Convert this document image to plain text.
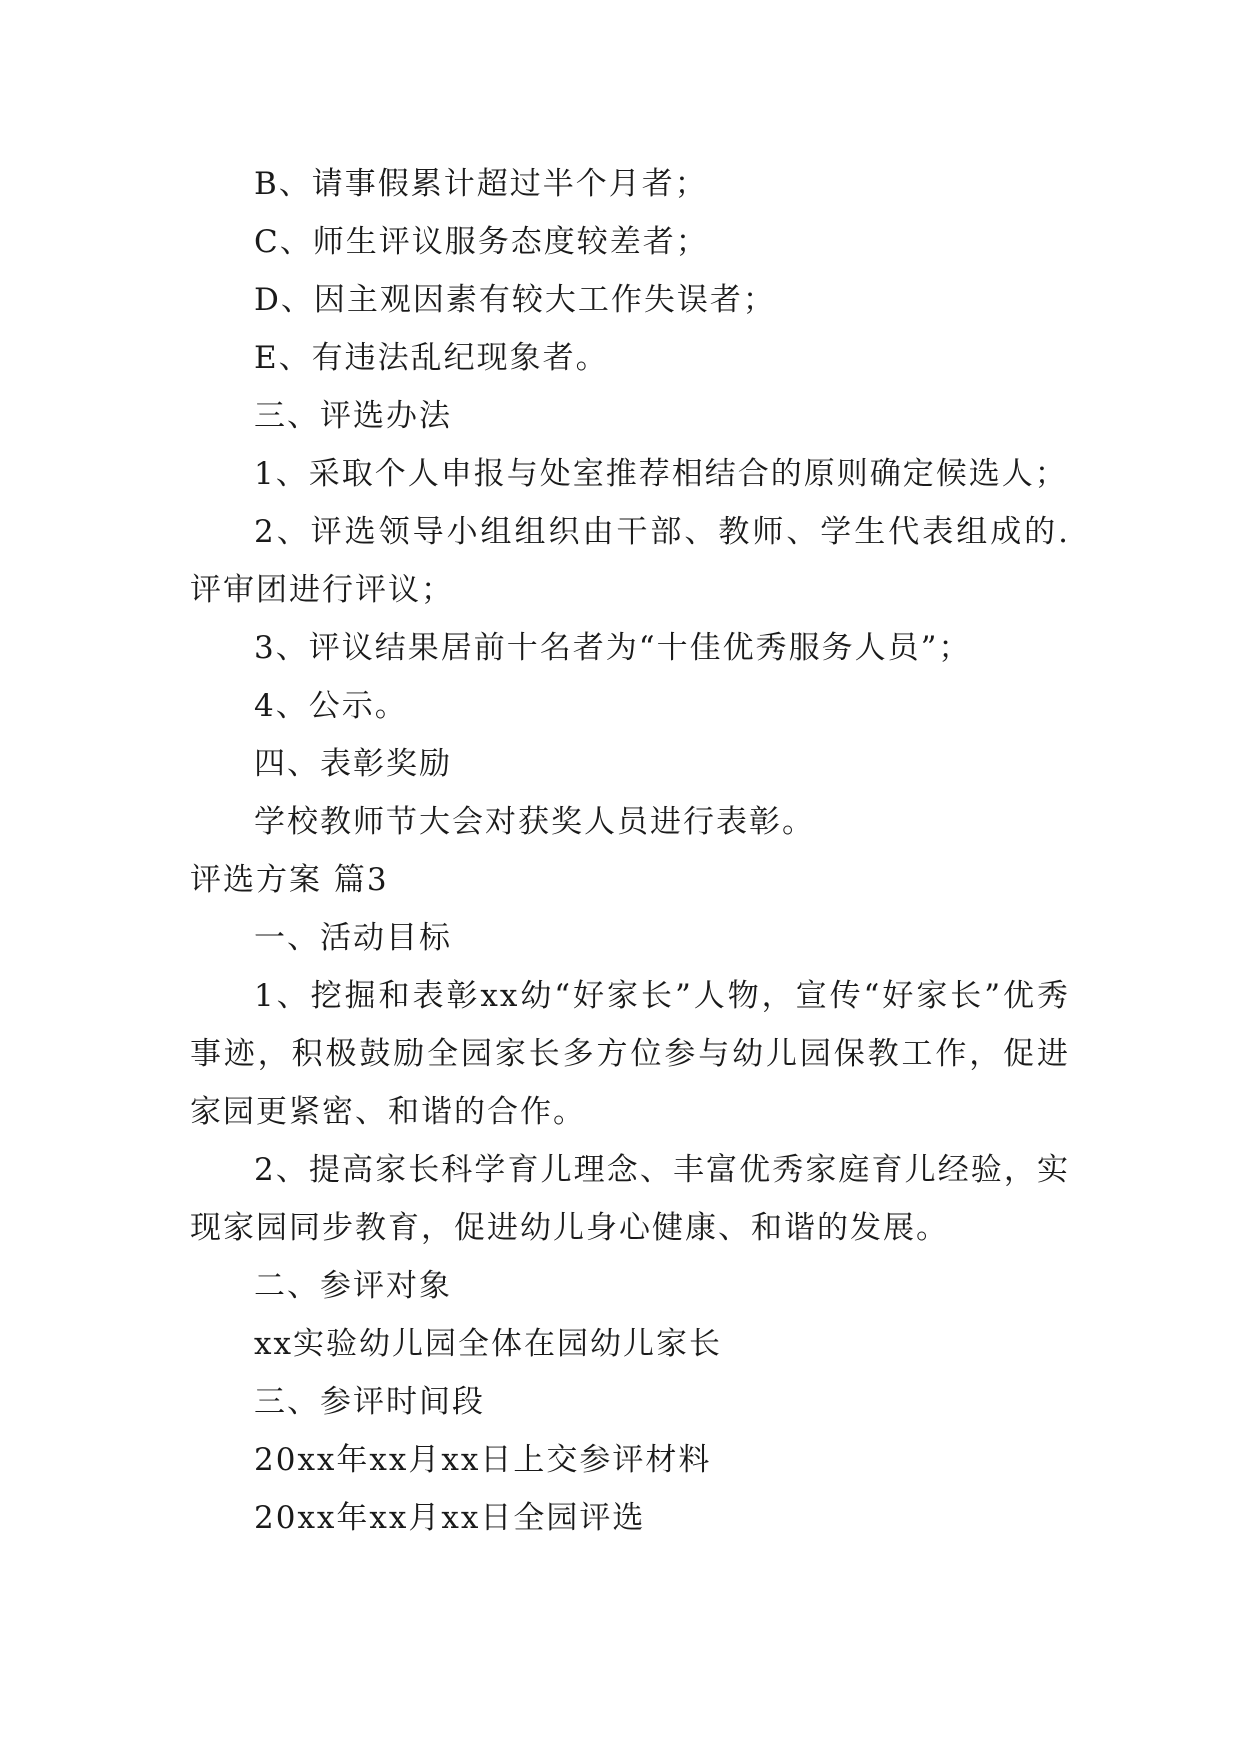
B、请事假累计超过半个月者；
C、师生评议服务态度较差者；
D、因主观因素有较大工作失误者；
E、有违法乱纪现象者。
三、评选办法
1、采取个人申报与处室推荐相结合的原则确定候选人；
2、评选领导小组组织由干部、教师、学生代表组成的.评审团进行评议；
3、评议结果居前十名者为“十佳优秀服务人员”；
4、公示。
四、表彰奖励
学校教师节大会对获奖人员进行表彰。
评选方案 篇3
一、活动目标
1、挖掘和表彰xx幼“好家长”人物，宣传“好家长”优秀事迹，积极鼓励全园家长多方位参与幼儿园保教工作，促进家园更紧密、和谐的合作。
2、提高家长科学育儿理念、丰富优秀家庭育儿经验，实现家园同步教育，促进幼儿身心健康、和谐的发展。
二、参评对象
xx实验幼儿园全体在园幼儿家长
三、参评时间段
20xx年xx月xx日上交参评材料
20xx年xx月xx日全园评选
